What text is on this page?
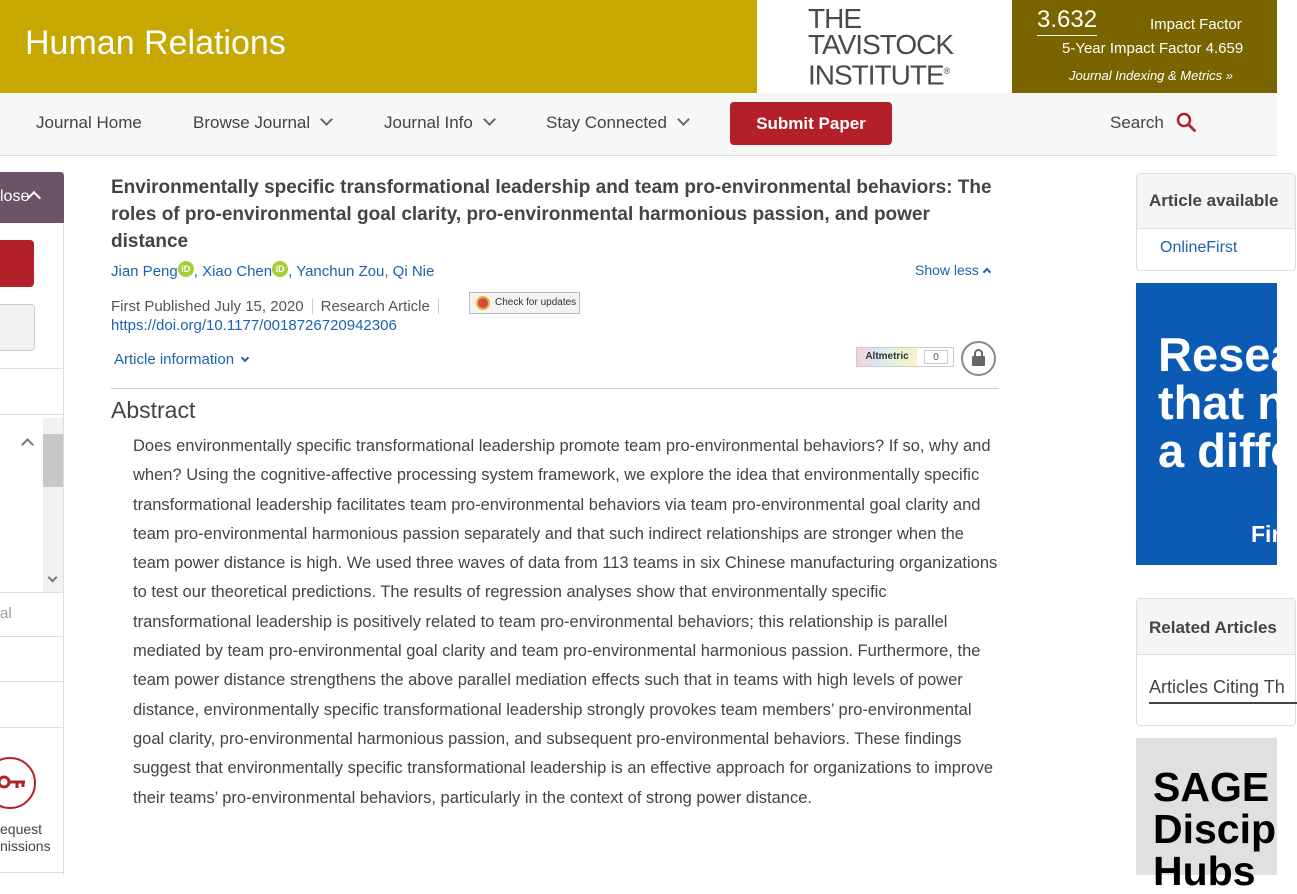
Human Relations
THE
TAVISTOCK
INSTITUTE®
3.632	Impact Factor
5-Year Impact Factor 4.659
Journal Indexing & Metrics »
Journal Home	Browse Journal	Journal Info	Stay Connected	Submit Paper	Search
lose
al
equest
nissions
Environmentally specific transformational leadership and team pro-environmental behaviors: The roles of pro-environmental goal clarity, pro-environmental harmonious passion, and power distance
Jian Peng iD , Xiao Chen iD , Yanchun Zou, Qi Nie	Show less
First Published July 15, 2020 Research Article	Check for updates
https://doi.org/10.1177/0018726720942306
Article information	Altmetric	0
Abstract
Does environmentally specific transformational leadership promote team pro-environmental behaviors? If so, why and when? Using the cognitive-affective processing system framework, we explore the idea that environmentally specific transformational leadership facilitates team pro-environmental behaviors via team pro-environmental goal clarity and team pro-environmental harmonious passion separately and that such indirect relationships are stronger when the team power distance is high. We used three waves of data from 113 teams in six Chinese manufacturing organizations to test our theoretical predictions. The results of regression analyses show that environmentally specific transformational leadership is positively related to team pro-environmental behaviors; this relationship is parallel mediated by team pro-environmental goal clarity and team pro-environmental harmonious passion. Furthermore, the team power distance strengthens the above parallel mediation effects such that in teams with high levels of power distance, environmentally specific transformational leadership strongly provokes team members’ pro-environmental goal clarity, pro-environmental harmonious passion, and subsequent pro-environmental behaviors. These findings suggest that environmentally specific transformational leadership is an effective approach for organizations to improve their teams’ pro-environmental behaviors, particularly in the context of strong power distance.
Article available
OnlineFirst
Resea
that n
a diffe
Fir
Related Articles
Articles Citing Th
SAGE
Discip
Hubs
